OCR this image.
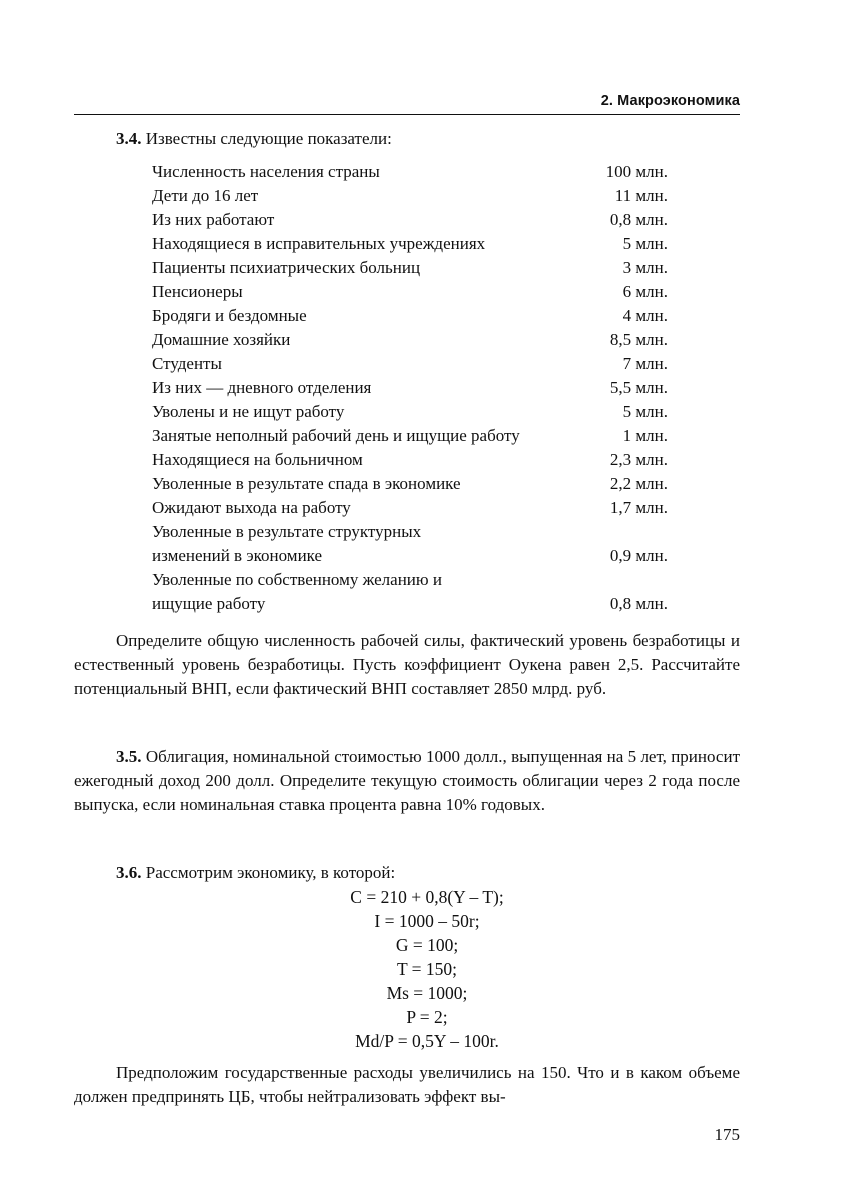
2. Макроэкономика
3.4. Известны следующие показатели:
Численность населения страны	100 млн.
Дети до 16 лет	11 млн.
Из них работают	0,8 млн.
Находящиеся в исправительных учреждениях	5 млн.
Пациенты психиатрических больниц	3 млн.
Пенсионеры	6 млн.
Бродяги и бездомные	4 млн.
Домашние хозяйки	8,5 млн.
Студенты	7 млн.
Из них — дневного отделения	5,5 млн.
Уволены и не ищут работу	5 млн.
Занятые неполный рабочий день и ищущие работу	1 млн.
Находящиеся на больничном	2,3 млн.
Уволенные в результате спада в экономике	2,2 млн.
Ожидают выхода на работу	1,7 млн.
Уволенные в результате структурных изменений в экономике	0,9 млн.
Уволенные по собственному желанию и ищущие работу	0,8 млн.
Определите общую численность рабочей силы, фактический уровень безработицы и естественный уровень безработицы. Пусть коэффициент Оукена равен 2,5. Рассчитайте потенциальный ВНП, если фактический ВНП составляет 2850 млрд. руб.
3.5. Облигация, номинальной стоимостью 1000 долл., выпущенная на 5 лет, приносит ежегодный доход 200 долл. Определите текущую стоимость облигации через 2 года после выпуска, если номинальная ставка процента равна 10% годовых.
3.6. Рассмотрим экономику, в которой:
C = 210 + 0,8(Y – T);
I = 1000 – 50r;
G = 100;
T = 150;
Ms = 1000;
P = 2;
Md/P = 0,5Y – 100r.
Предположим государственные расходы увеличились на 150. Что и в каком объеме должен предпринять ЦБ, чтобы нейтрализовать эффект вы-
175
